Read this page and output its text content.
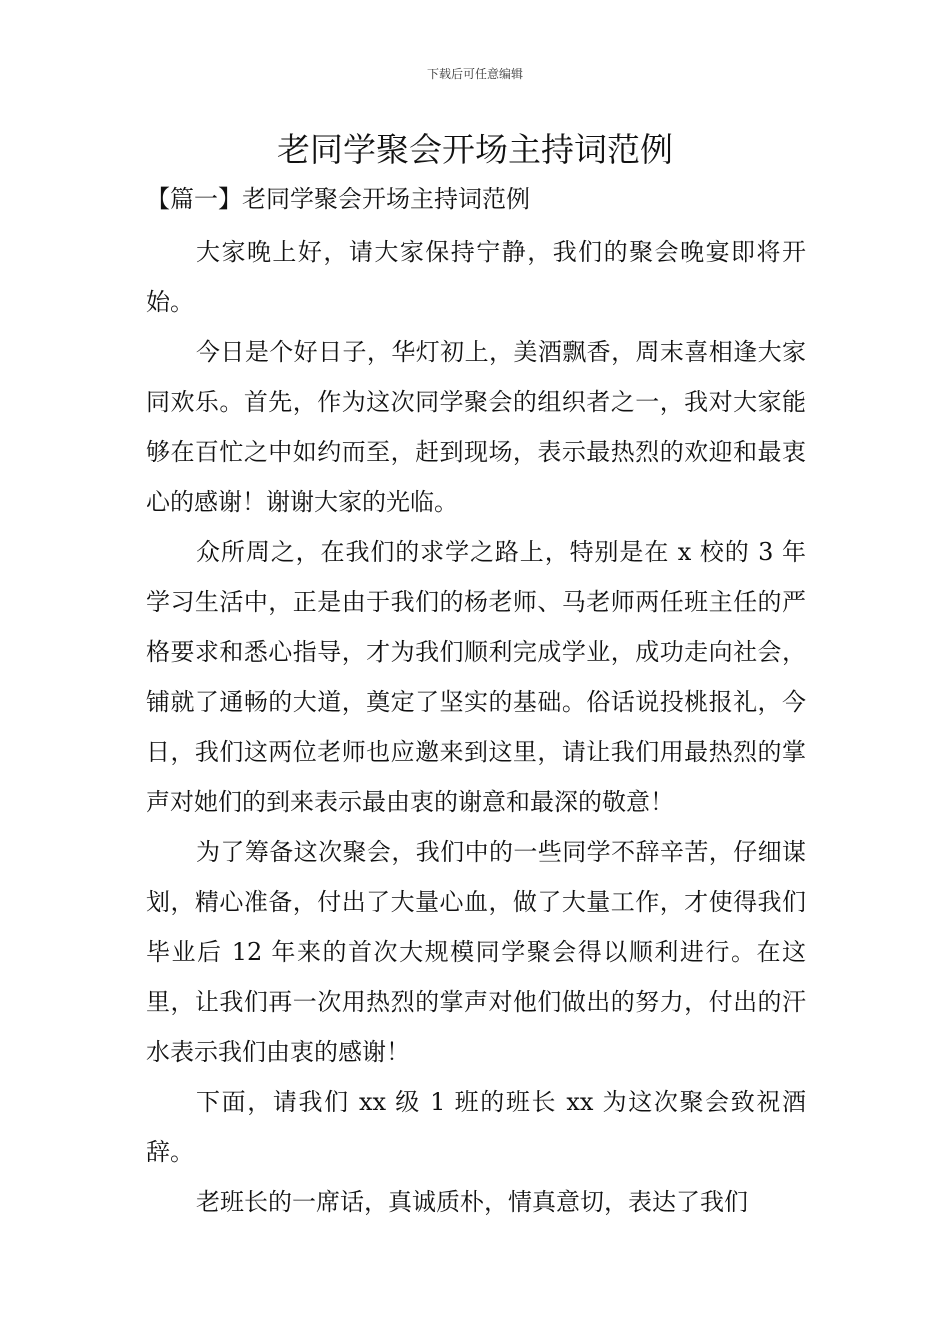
下载后可任意编辑
老同学聚会开场主持词范例
【篇一】老同学聚会开场主持词范例

大家晚上好，请大家保持宁静，我们的聚会晚宴即将开始。

今日是个好日子，华灯初上，美酒飘香，周末喜相逢大家同欢乐。首先，作为这次同学聚会的组织者之一，我对大家能够在百忙之中如约而至，赶到现场，表示最热烈的欢迎和最衷心的感谢！谢谢大家的光临。

众所周之，在我们的求学之路上，特别是在 x 校的 3 年学习生活中，正是由于我们的杨老师、马老师两任班主任的严格要求和悉心指导，才为我们顺利完成学业，成功走向社会，铺就了通畅的大道，奠定了坚实的基础。俗话说投桃报礼，今日，我们这两位老师也应邀来到这里，请让我们用最热烈的掌声对她们的到来表示最由衷的谢意和最深的敬意！

为了筹备这次聚会，我们中的一些同学不辞辛苦，仔细谋划，精心准备，付出了大量心血，做了大量工作，才使得我们毕业后 12 年来的首次大规模同学聚会得以顺利进行。在这里，让我们再一次用热烈的掌声对他们做出的努力，付出的汗水表示我们由衷的感谢！

下面，请我们 xx 级 1 班的班长 xx 为这次聚会致祝酒辞。

老班长的一席话，真诚质朴，情真意切，表达了我们
